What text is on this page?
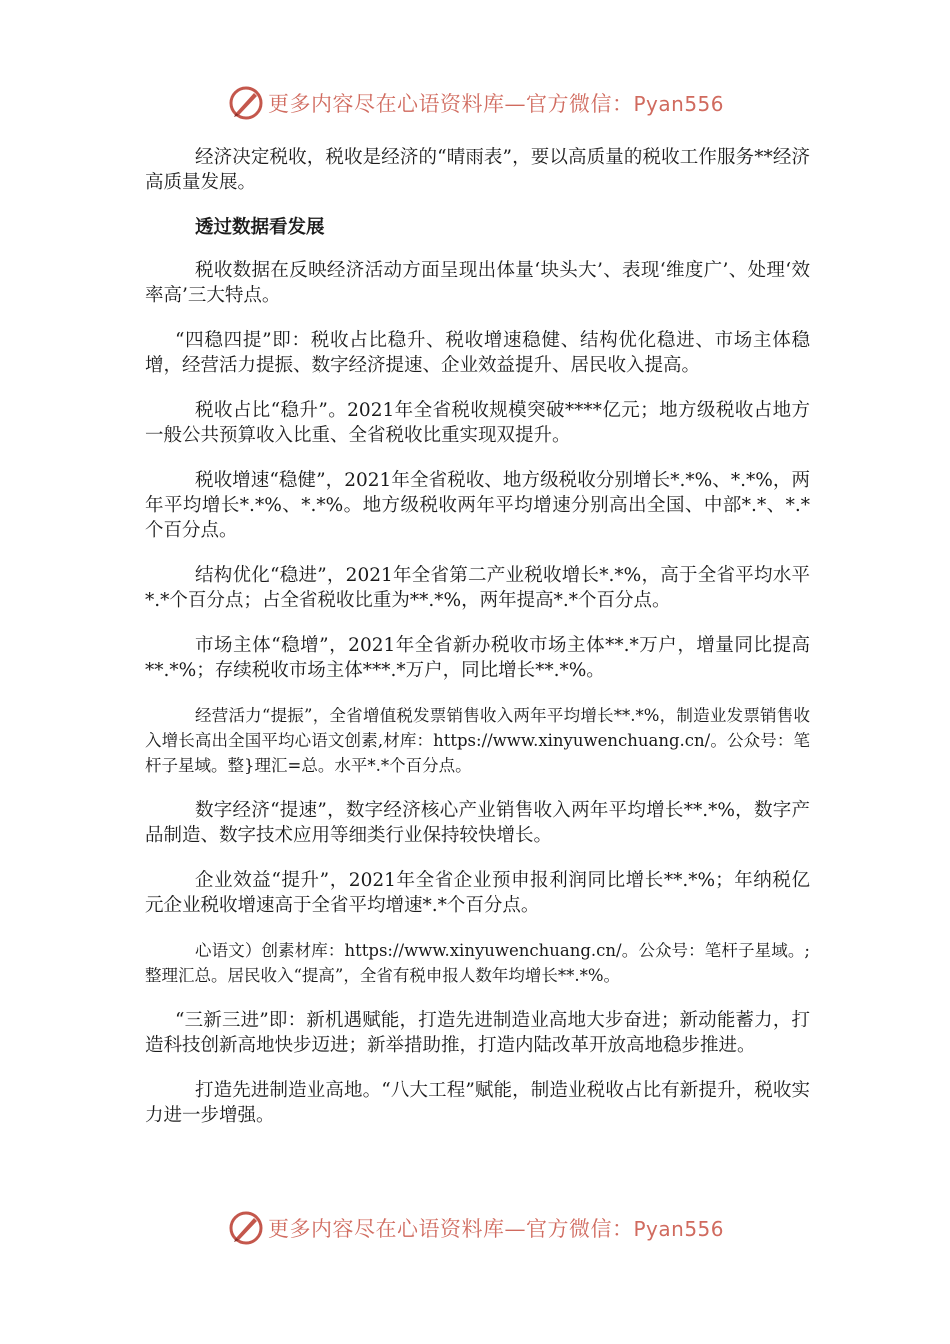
更多内容尽在心语资料库—官方微信：Pyan556

经济决定税收，税收是经济的“晴雨表”，要以高质量的税收工作服务**经济高质量发展。

透过数据看发展

税收数据在反映经济活动方面呈现出体量‘块头大’、表现‘维度广’、处理‘效率高’三大特点。

“四稳四提”即：税收占比稳升、税收增速稳健、结构优化稳进、市场主体稳增，经营活力提振、数字经济提速、企业效益提升、居民收入提高。

税收占比“稳升”。2021年全省税收规模突破****亿元；地方级税收占地方一般公共预算收入比重、全省税收比重实现双提升。

税收增速“稳健”，2021年全省税收、地方级税收分别增长*.*%、*.*%，两年平均增长*.*%、*.*%。地方级税收两年平均增速分别高出全国、中部*.*、*.*个百分点。

结构优化“稳进”，2021年全省第二产业税收增长*.*%，高于全省平均水平*.*个百分点；占全省税收比重为**.*%，两年提高*.*个百分点。

市场主体“稳增”，2021年全省新办税收市场主体**.*万户，增量同比提高**.*%；存续税收市场主体***.*万户，同比增长**.*%。

经营活力“提振”，全省增值税发票销售收入两年平均增长**.*%，制造业发票销售收入增长高出全国平均心语文创素,材库：https://www.xinyuwenchuang.cn/。公众号：笔杆子星域。整}理汇=总。水平*.*个百分点。

数字经济“提速”，数字经济核心产业销售收入两年平均增长**.*%，数字产品制造、数字技术应用等细类行业保持较快增长。

企业效益“提升”，2021年全省企业预申报利润同比增长**.*%；年纳税亿元企业税收增速高于全省平均增速*.*个百分点。

心语文）创素材库：https://www.xinyuwenchuang.cn/。公众号：笔杆子星域。;整理汇总。居民收入“提高”，全省有税申报人数年均增长**.*%。

“三新三进”即：新机遇赋能，打造先进制造业高地大步奋进；新动能蓄力，打造科技创新高地快步迈进；新举措助推，打造内陆改革开放高地稳步推进。

打造先进制造业高地。“八大工程”赋能，制造业税收占比有新提升，税收实力进一步增强。

更多内容尽在心语资料库—官方微信：Pyan556
